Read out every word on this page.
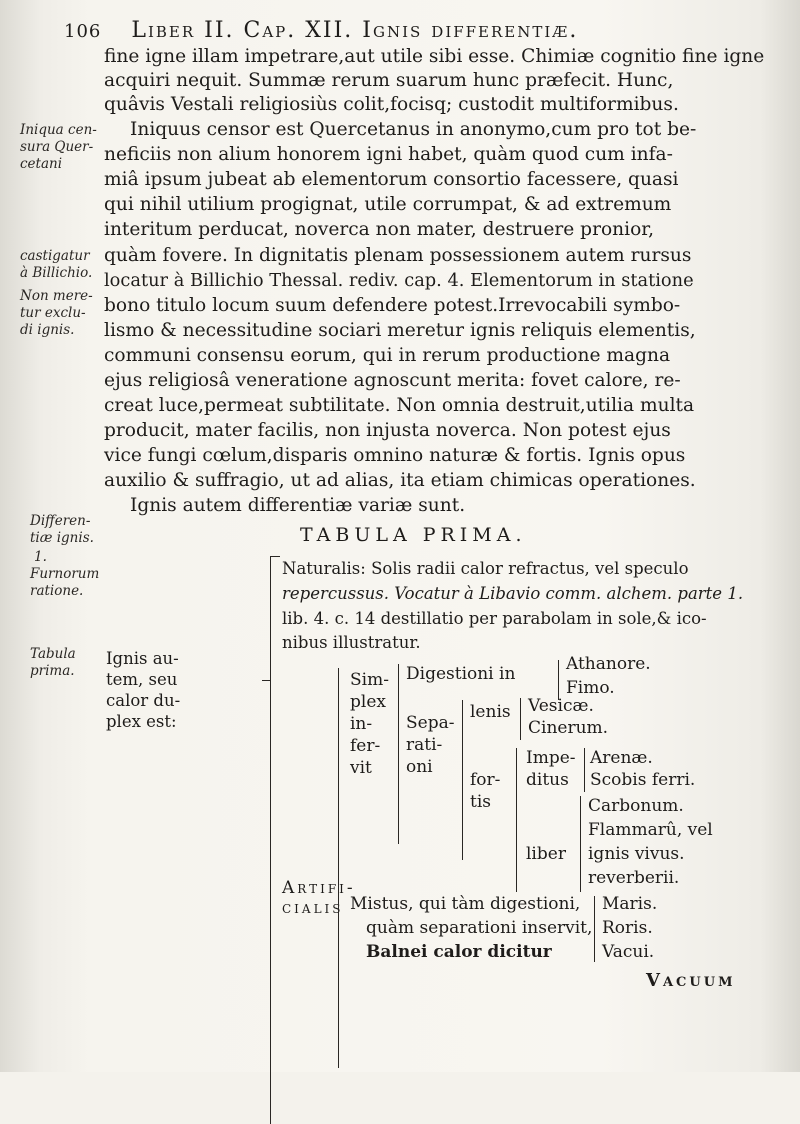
106 Liber II. Cap. XII. Ignis differentiæ.
fine igne illam impetrare,aut utile sibi esse. Chimiæ cognitio fine igne
acquiri nequit. Summæ rerum suarum hunc præfecit. Hunc,
quâvis Vestali religiosiùs colit,focisq; custodit multiformibus.
Iniquus censor est Quercetanus in anonymo,cum pro tot be-
neficiis non alium honorem igni habet, quàm quod cum infa-
miâ ipsum jubeat ab elementorum consortio facessere, quasi
qui nihil utilium progignat, utile corrumpat, & ad extremum
interitum perducat, noverca non mater, destruere pronior,
quàm fovere. In dignitatis plenam possessionem autem rursus
locatur à Billichio Thessal. rediv. cap. 4. Elementorum in statione
bono titulo locum suum defendere potest.Irrevocabili symbo-
lismo & necessitudine sociari meretur ignis reliquis elementis,
communi consensu eorum, qui in rerum productione magna
ejus religiosâ veneratione agnoscunt merita: fovet calore, re-
creat luce,permeat subtilitate. Non omnia destruit,utilia multa
producit, mater facilis, non injusta noverca. Non potest ejus
vice fungi cœlum,disparis omnino naturæ & fortis. Ignis opus
auxilio & suffragio, ut ad alias, ita etiam chimicas operationes.
Ignis autem differentiæ variæ sunt.
Iniqua cen-
sura Quer-
cetani
castigatur
à Billichio.
Non mere-
tur exclu-
di ignis.
Differen-
tiæ ignis.
1.
Furnorum
ratione.
Tabula
prima.
TABULA PRIMA.
Ignis au-
tem, seu
calor du-
plex est:
Naturalis: Solis radii calor refractus, vel speculo
repercussus. Vocatur à Libavio comm. alchem. parte 1.
lib. 4. c. 14 destillatio per parabolam in sole,& ico-
nibus illustratur.
Artifi-
cialis
Sim-
plex
in-
fer-
vit
Digestioni in	Athanore.
Fimo.
Sepa-
rati-
oni
lenis Vesicæ.
Cinerum.
for-
tis
Impe-
ditus
Arenæ.
Scobis ferri.
liber
Carbonum.
Flammarû, vel
ignis vivus.
reverberii.
Mistus, qui tàm digestioni,
quàm separationi inservit,
Balnei calor dicitur
Maris.
Roris.
Vacui.
Vacuum
